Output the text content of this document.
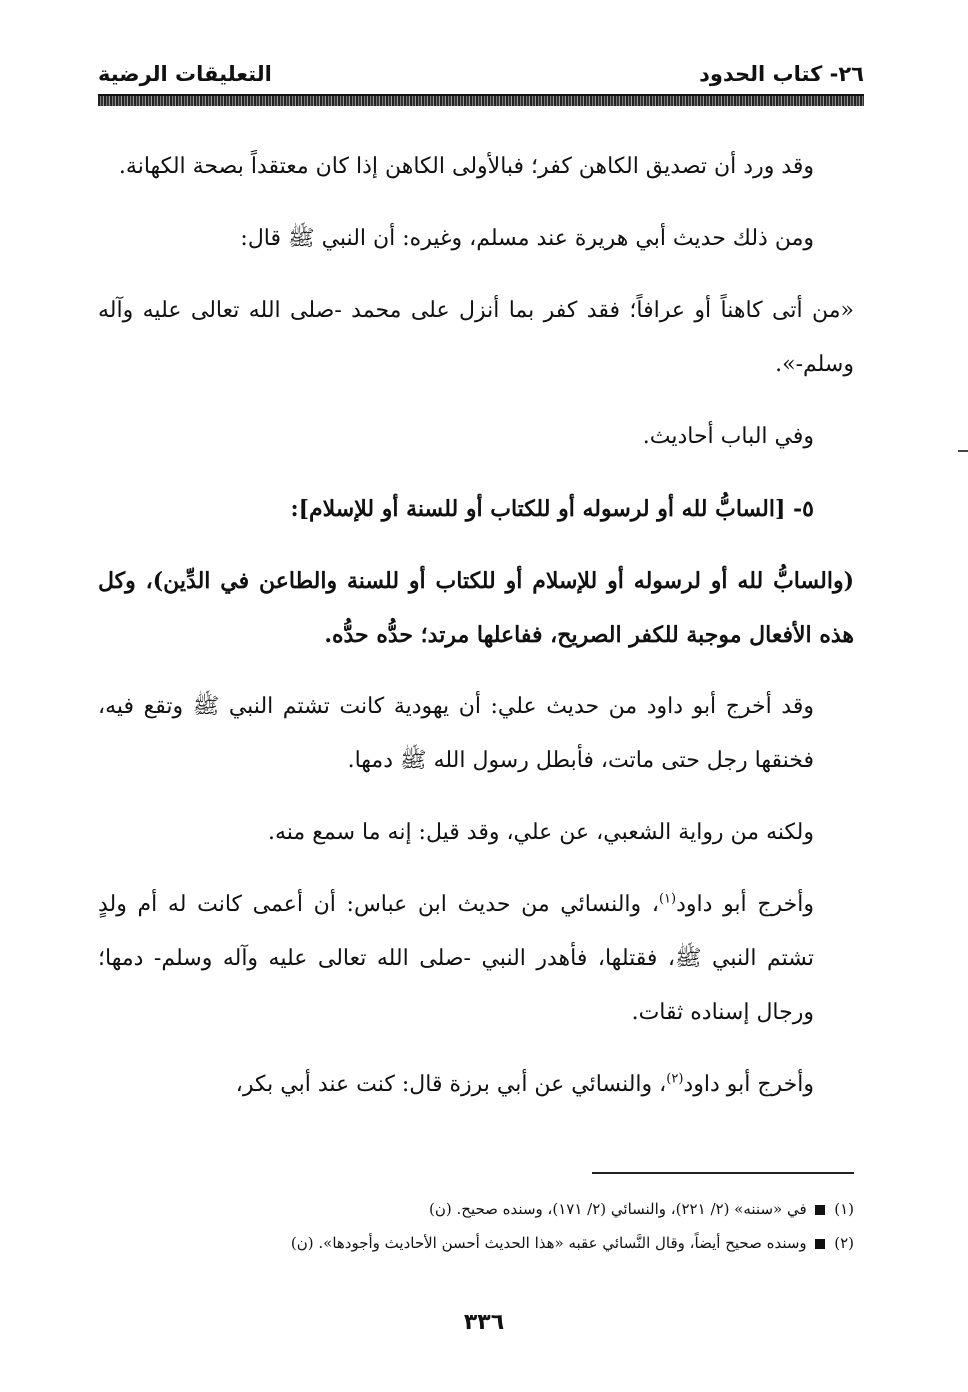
٢٦- كتاب الحدود
التعليقات الرضية

وقد ورد أن تصديق الكاهن كفر؛ فبالأولى الكاهن إذا كان معتقداً بصحة الكهانة.

ومن ذلك حديث أبي هريرة عند مسلم، وغيره: أن النبي ﷺ قال:

«من أتى كاهناً أو عرافاً؛ فقد كفر بما أنزل على محمد -صلى الله تعالى عليه وآله وسلم-».

وفي الباب أحاديث.

٥- [السابُّ لله أو لرسوله أو للكتاب أو للسنة أو للإسلام]:

(والسابُّ لله أو لرسوله أو للإسلام أو للكتاب أو للسنة والطاعن في الدِّين)، وكل هذه الأفعال موجبة للكفر الصريح، ففاعلها مرتد؛ حدُّه حدُّه.

وقد أخرج أبو داود من حديث علي: أن يهودية كانت تشتم النبي ﷺ وتقع فيه، فخنقها رجل حتى ماتت، فأبطل رسول الله ﷺ دمها.

ولكنه من رواية الشعبي، عن علي، وقد قيل: إنه ما سمع منه.

وأخرج أبو داود$^{(١)}$، والنسائي من حديث ابن عباس: أن أعمى كانت له أم ولدٍ تشتم النبي ﷺ، فقتلها، فأهدر النبي -صلى الله تعالى عليه وآله وسلم- دمها؛ ورجال إسناده ثقات.

وأخرج أبو داود$^{(٢)}$، والنسائي عن أبي برزة قال: كنت عند أبي بكر،

(١)  في «سننه» (٢/ ٢٢١)، والنسائي (٢/ ١٧١)، وسنده صحيح. (ن)
(٢)  وسنده صحيح أيضاً، وقال النَّسائي عقبه «هذا الحديث أحسن الأحاديث وأجودها». (ن)
٣٣٦
